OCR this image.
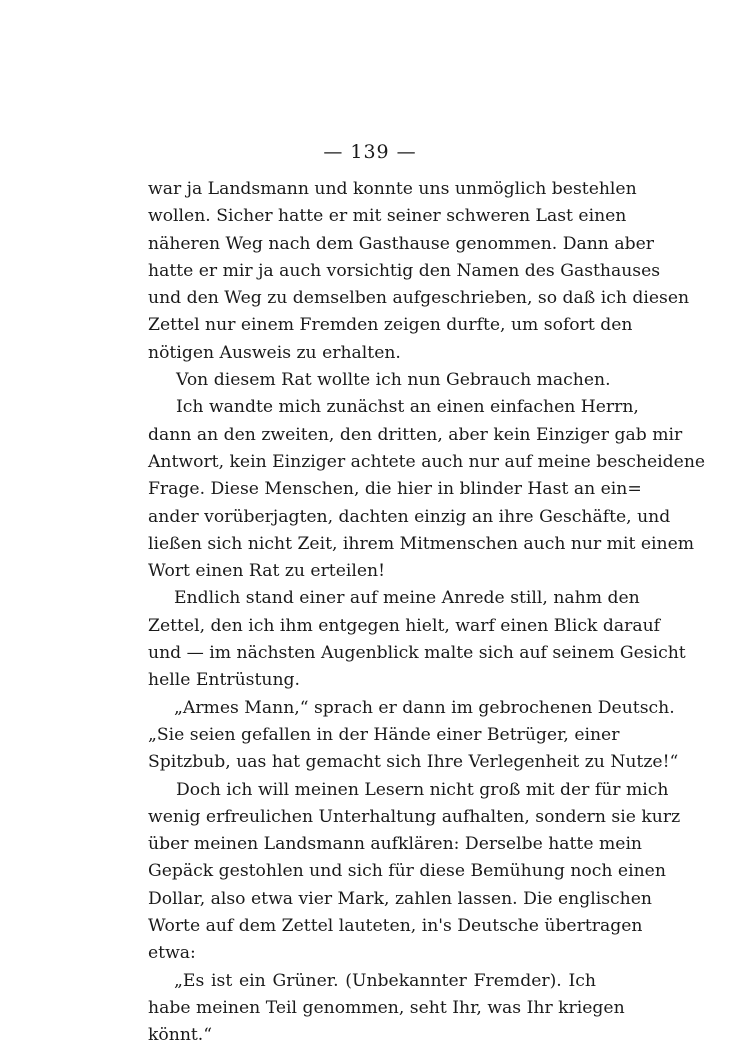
— 139 —
war ja Landsmann und konnte uns unmöglich bestehlen
wollen. Sicher hatte er mit seiner schweren Last einen
näheren Weg nach dem Gasthause genommen. Dann aber
hatte er mir ja auch vorsichtig den Namen des Gasthauses
und den Weg zu demselben aufgeschrieben, so daß ich diesen
Zettel nur einem Fremden zeigen durfte, um sofort den
nötigen Ausweis zu erhalten.
Von diesem Rat wollte ich nun Gebrauch machen.
Ich wandte mich zunächst an einen einfachen Herrn,
dann an den zweiten, den dritten, aber kein Einziger gab mir
Antwort, kein Einziger achtete auch nur auf meine bescheidene
Frage. Diese Menschen, die hier in blinder Hast an ein=
ander vorüberjagten, dachten einzig an ihre Geschäfte, und
ließen sich nicht Zeit, ihrem Mitmenschen auch nur mit einem
Wort einen Rat zu erteilen!
Endlich stand einer auf meine Anrede still, nahm den
Zettel, den ich ihm entgegen hielt, warf einen Blick darauf
und — im nächsten Augenblick malte sich auf seinem Gesicht
helle Entrüstung.
„Armes Mann,“ sprach er dann im gebrochenen Deutsch.
„Sie seien gefallen in der Hände einer Betrüger, einer
Spitzbub, uas hat gemacht sich Ihre Verlegenheit zu Nutze!“
Doch ich will meinen Lesern nicht groß mit der für mich
wenig erfreulichen Unterhaltung aufhalten, sondern sie kurz
über meinen Landsmann aufklären: Derselbe hatte mein
Gepäck gestohlen und sich für diese Bemühung noch einen
Dollar, also etwa vier Mark, zahlen lassen. Die englischen
Worte auf dem Zettel lauteten, in's Deutsche übertragen
etwa:
„Es ist ein Grüner. (Unbekannter Fremder). Ich
habe meinen Teil genommen, seht Ihr, was Ihr kriegen
könnt.“
